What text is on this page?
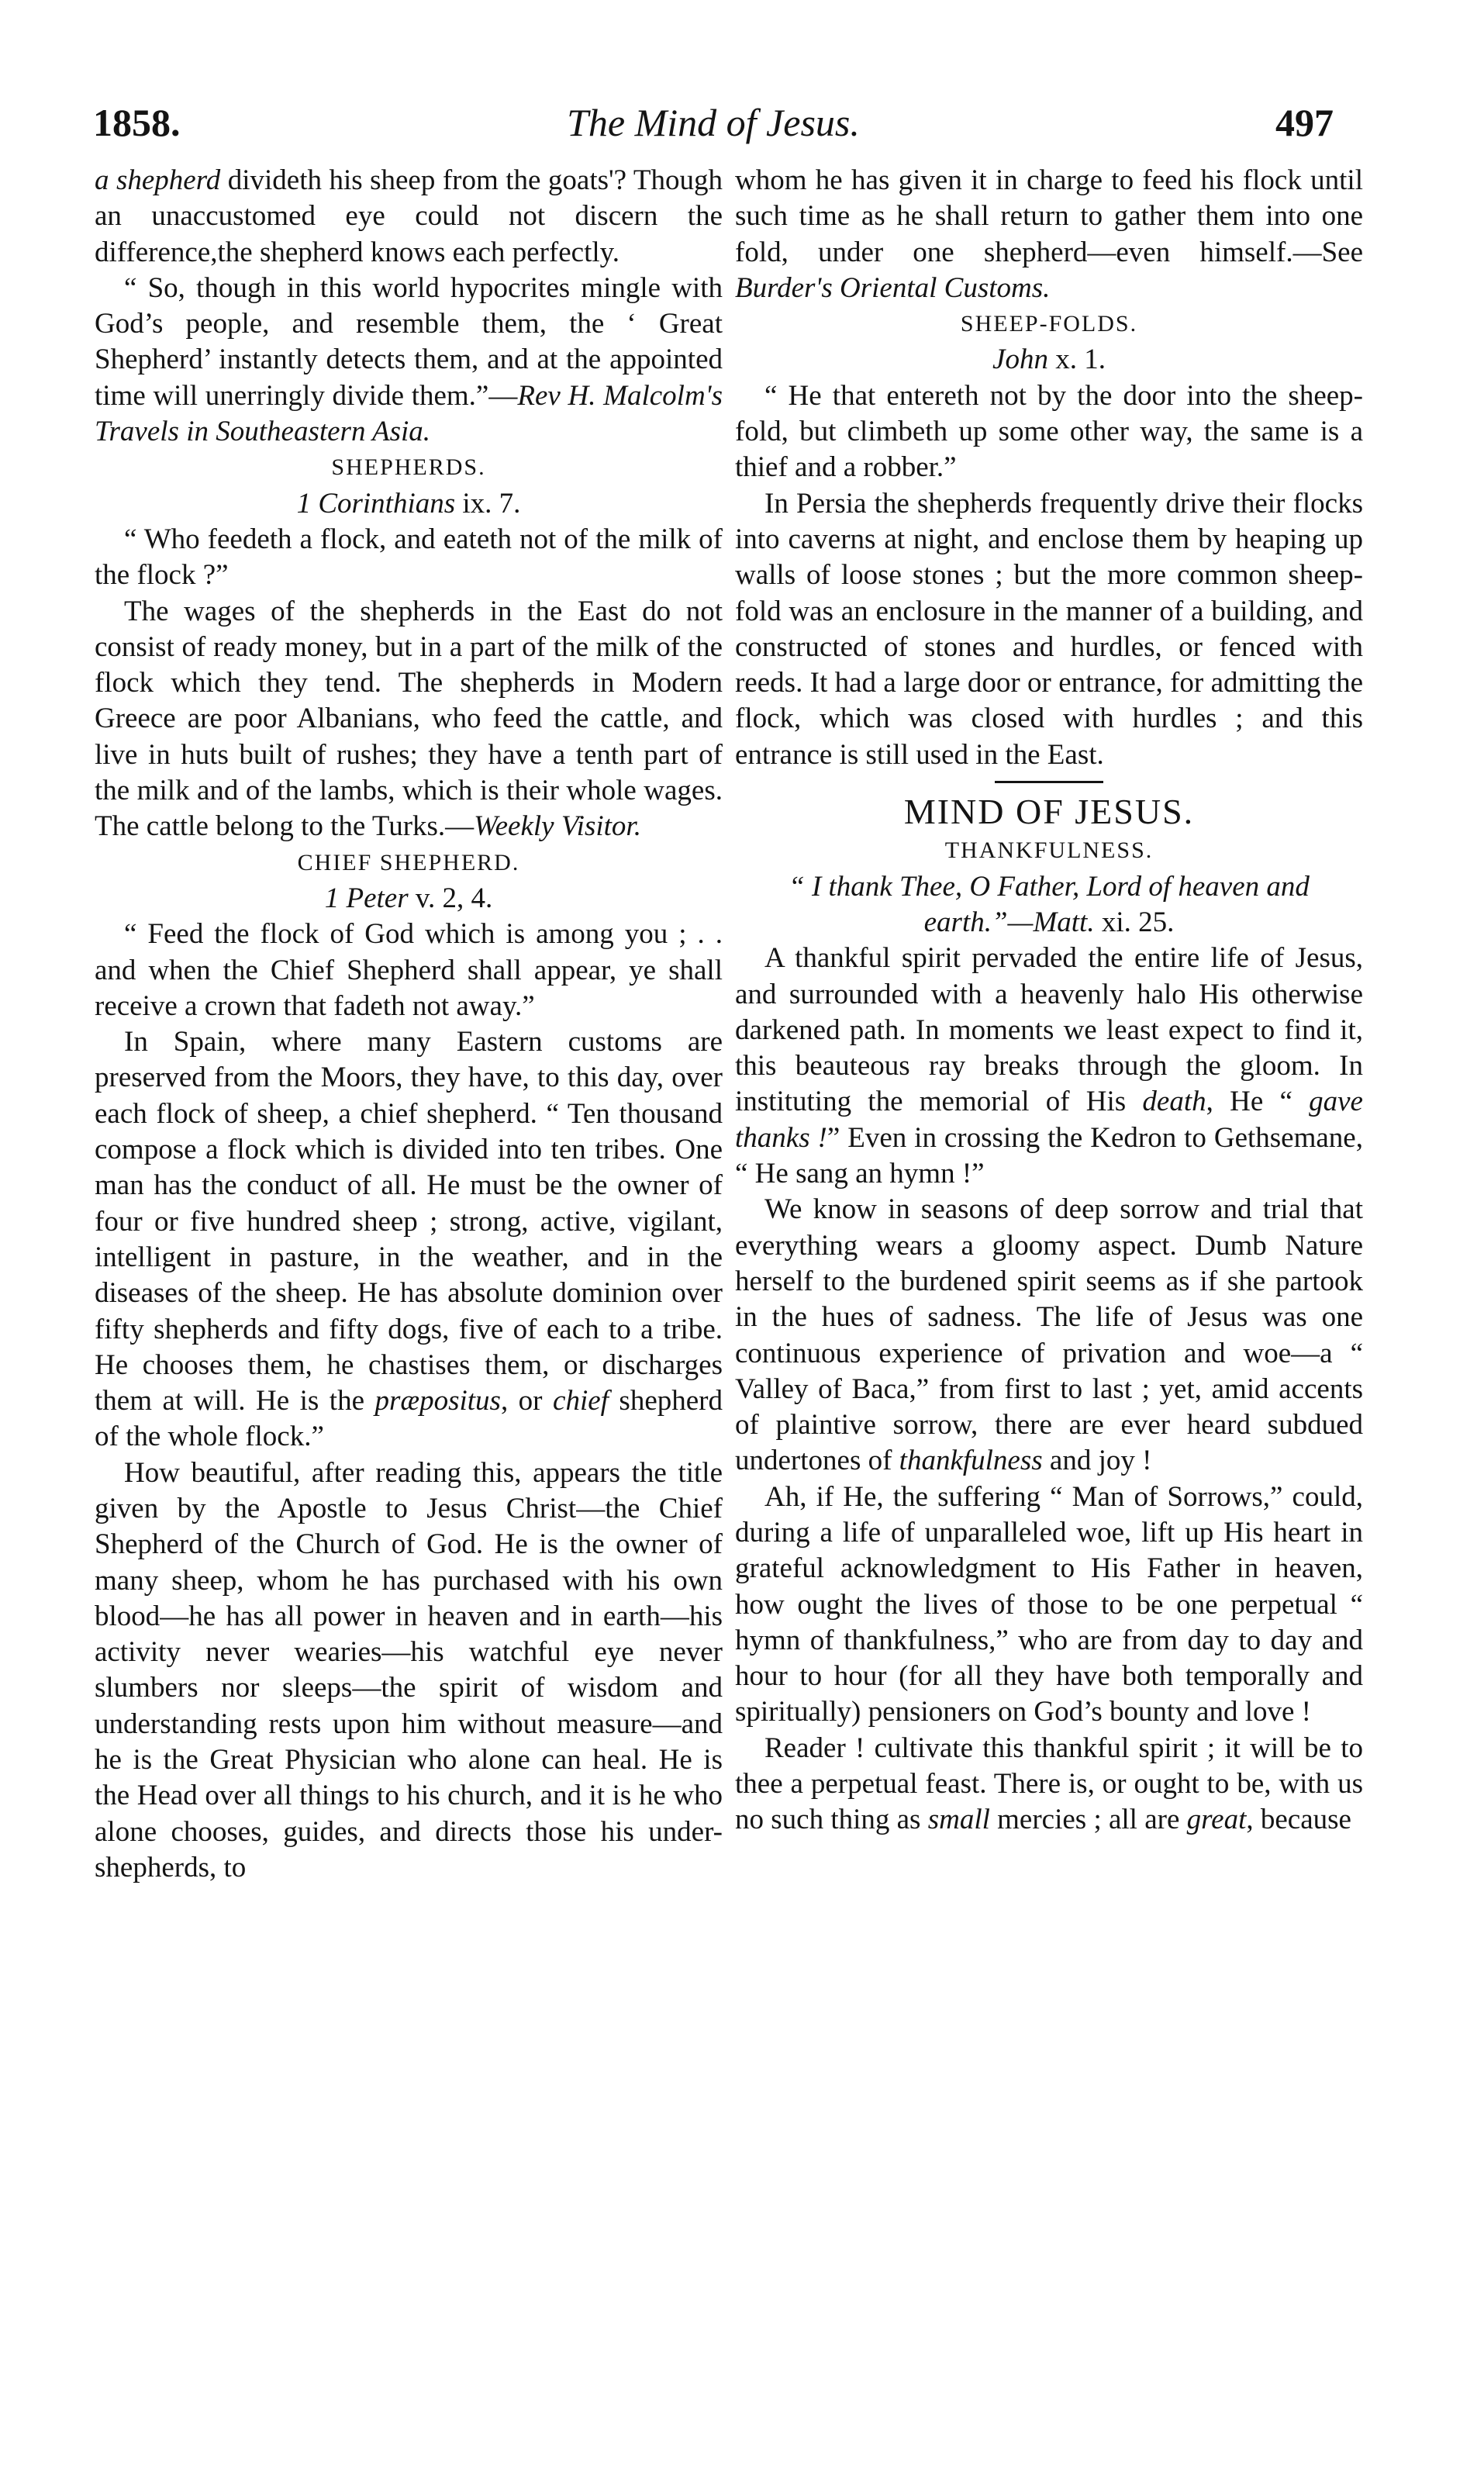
1858.	The Mind of Jesus.	497

a shepherd divideth his sheep from the goats'? Though an unaccustomed eye could not discern the difference,the shepherd knows each perfectly.

“ So, though in this world hypocrites mingle with God’s people, and resemble them, the ‘ Great Shepherd’ instantly detects them, and at the appointed time will unerringly divide them.”—Rev H. Malcolm's Travels in Southeastern Asia.

SHEPHERDS.

1 Corinthians ix. 7.

“ Who feedeth a flock, and eateth not of the milk of the flock ?”

The wages of the shepherds in the East do not consist of ready money, but in a part of the milk of the flock which they tend. The shepherds in Modern Greece are poor Albanians, who feed the cattle, and live in huts built of rushes; they have a tenth part of the milk and of the lambs, which is their whole wages. The cattle belong to the Turks.—Weekly Visitor.

CHIEF SHEPHERD.

1 Peter v. 2, 4.

“ Feed the flock of God which is among you ; . . and when the Chief Shepherd shall appear, ye shall receive a crown that fadeth not away.”

In Spain, where many Eastern customs are preserved from the Moors, they have, to this day, over each flock of sheep, a chief shepherd. “ Ten thousand compose a flock which is divided into ten tribes. One man has the conduct of all. He must be the owner of four or five hundred sheep ; strong, active, vigilant, intelligent in pasture, in the weather, and in the diseases of the sheep. He has absolute dominion over fifty shepherds and fifty dogs, five of each to a tribe. He chooses them, he chastises them, or discharges them at will. He is the præpositus, or chief shepherd of the whole flock.”

How beautiful, after reading this, appears the title given by the Apostle to Jesus Christ—the Chief Shepherd of the Church of God. He is the owner of many sheep, whom he has purchased with his own blood—he has all power in heaven and in earth—his activity never wearies—his watchful eye never slumbers nor sleeps—the spirit of wisdom and understanding rests upon him without measure—and he is the Great Physician who alone can heal. He is the Head over all things to his church, and it is he who alone chooses, guides, and directs those his under-shepherds, to

whom he has given it in charge to feed his flock until such time as he shall return to gather them into one fold, under one shepherd—even himself.—See Burder's Oriental Customs.

SHEEP-FOLDS.

John x. 1.

“ He that entereth not by the door into the sheep-fold, but climbeth up some other way, the same is a thief and a robber.”

In Persia the shepherds frequently drive their flocks into caverns at night, and enclose them by heaping up walls of loose stones ; but the more common sheep-fold was an enclosure in the manner of a building, and constructed of stones and hurdles, or fenced with reeds. It had a large door or entrance, for admitting the flock, which was closed with hurdles ; and this entrance is still used in the East.

MIND OF JESUS.

THANKFULNESS.

“ I thank Thee, O Father, Lord of heaven and earth.”—Matt. xi. 25.

A thankful spirit pervaded the entire life of Jesus, and surrounded with a heavenly halo His otherwise darkened path. In moments we least expect to find it, this beauteous ray breaks through the gloom. In instituting the memorial of His death, He “ gave thanks !” Even in crossing the Kedron to Gethsemane, “ He sang an hymn !”

We know in seasons of deep sorrow and trial that everything wears a gloomy aspect. Dumb Nature herself to the burdened spirit seems as if she partook in the hues of sadness. The life of Jesus was one continuous experience of privation and woe—a “ Valley of Baca,” from first to last ; yet, amid accents of plaintive sorrow, there are ever heard subdued undertones of thankfulness and joy !

Ah, if He, the suffering “ Man of Sorrows,” could, during a life of unparalleled woe, lift up His heart in grateful acknowledgment to His Father in heaven, how ought the lives of those to be one perpetual “ hymn of thankfulness,” who are from day to day and hour to hour (for all they have both temporally and spiritually) pensioners on God’s bounty and love !

Reader ! cultivate this thankful spirit ; it will be to thee a perpetual feast. There is, or ought to be, with us no such thing as small mercies ; all are great, because
